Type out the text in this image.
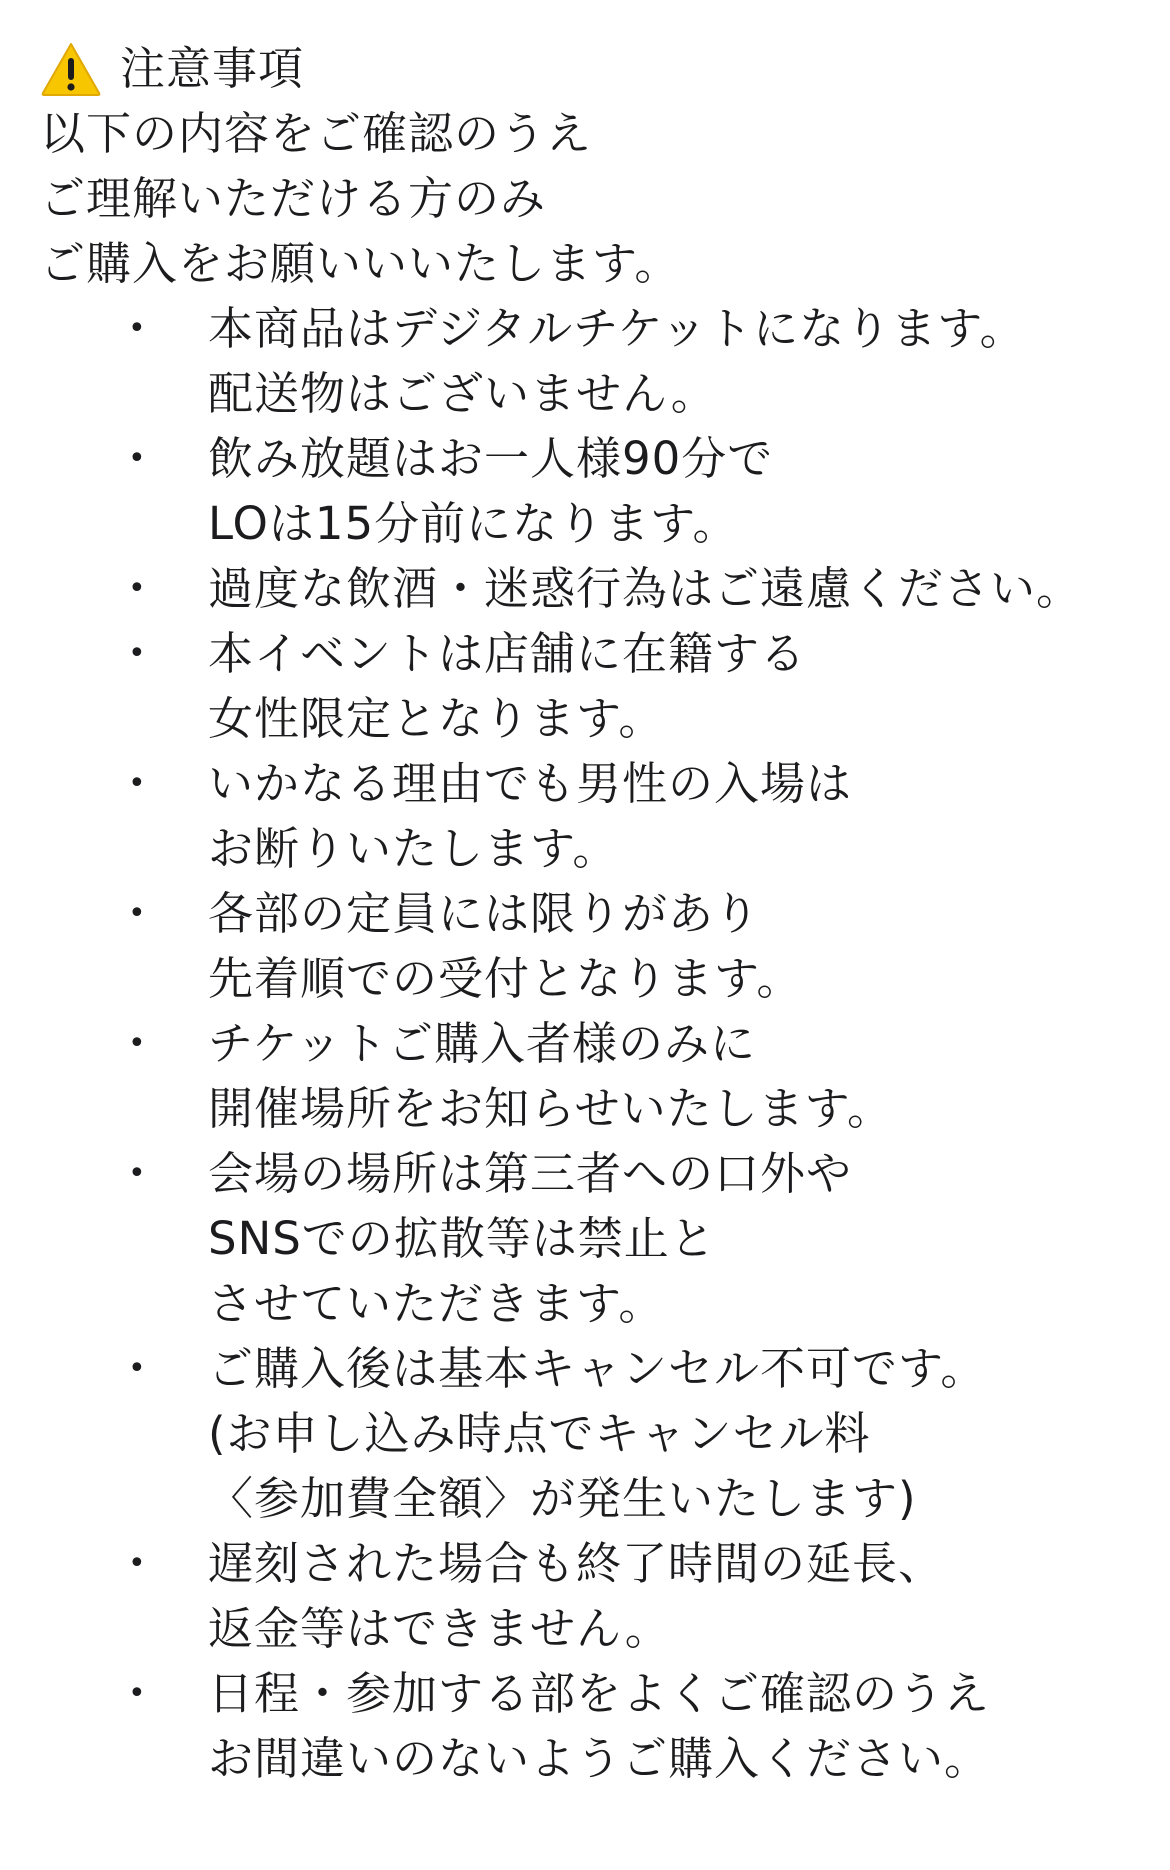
注意事項
以下の内容をご確認のうえ
ご理解いただける方のみ
ご購入をお願いいいたします。
• 本商品はデジタルチケットになります。
配送物はございません。
• 飲み放題はお一人様90分で
LOは15分前になります。
• 過度な飲酒・迷惑行為はご遠慮ください。
• 本イベントは店舗に在籍する
女性限定となります。
• いかなる理由でも男性の入場は
お断りいたします。
• 各部の定員には限りがあり
先着順での受付となります。
• チケットご購入者様のみに
開催場所をお知らせいたします。
• 会場の場所は第三者への口外や
SNSでの拡散等は禁止と
させていただきます。
• ご購入後は基本キャンセル不可です。
(お申し込み時点でキャンセル料
〈参加費全額〉が発生いたします)
• 遅刻された場合も終了時間の延長、
返金等はできません。
• 日程・参加する部をよくご確認のうえ
お間違いのないようご購入ください。
